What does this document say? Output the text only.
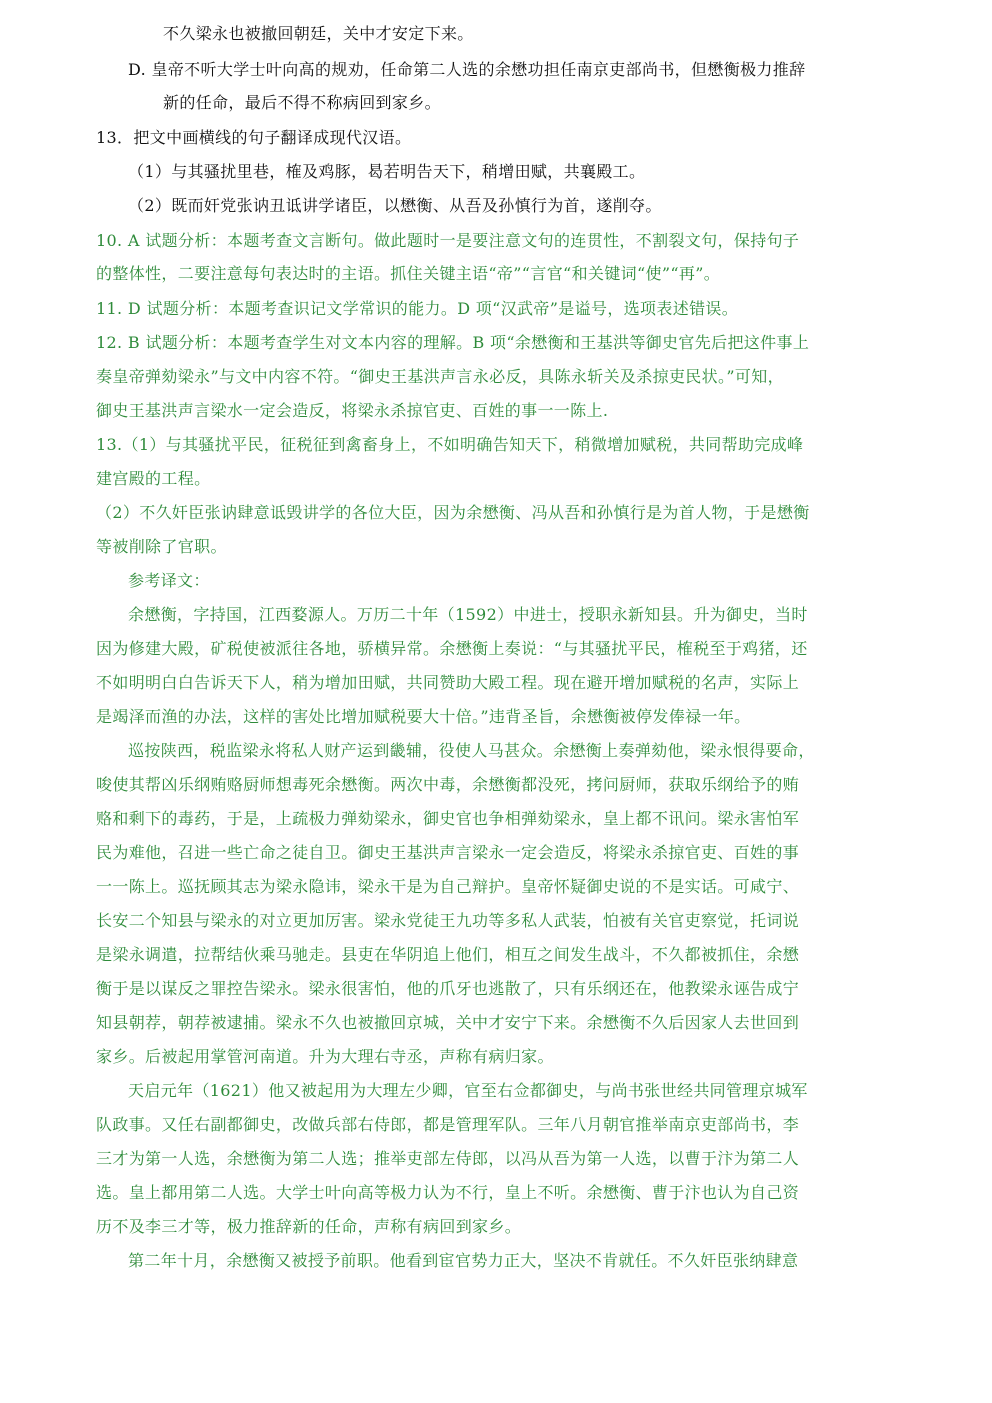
不久梁永也被撤回朝廷，关中才安定下来。
D. 皇帝不听大学士叶向高的规劝，任命第二人选的余懋功担任南京吏部尚书，但懋衡极力推辞
新的任命，最后不得不称病回到家乡。
13．把文中画横线的句子翻译成现代汉语。
（1）与其骚扰里巷，榷及鸡豚，曷若明告天下，稍增田赋，共襄殿工。
（2）既而奸党张讷丑诋讲学诸臣，以懋衡、从吾及孙慎行为首，遂削夺。
10. A 试题分析：本题考查文言断句。做此题时一是要注意文句的连贯性，不割裂文句，保持句子
的整体性，二要注意每句表达时的主语。抓住关键主语“帝”“言官“和关键词“使”“再”。
11. D 试题分析：本题考查识记文学常识的能力。D 项“汉武帝”是谥号，选项表述错误。
12. B 试题分析：本题考查学生对文本内容的理解。B 项“余懋衡和王基洪等御史官先后把这件事上
奏皇帝弹劾梁永”与文中内容不符。“御史王基洪声言永必反，具陈永斩关及杀掠吏民状。”可知，
御史王基洪声言梁水一定会造反，将梁永杀掠官吏、百姓的事一一陈上.
13.（1）与其骚扰平民，征税征到禽畜身上，不如明确告知天下，稍微增加赋税，共同帮助完成峰
建宫殿的工程。
（2）不久奸臣张讷肆意诋毁讲学的各位大臣，因为余懋衡、冯从吾和孙慎行是为首人物，于是懋衡
等被削除了官职。
参考译文：
余懋衡，字持国，江西婺源人。万历二十年（1592）中进士，授职永新知县。升为御史，当时
因为修建大殿，矿税使被派往各地，骄横异常。余懋衡上奏说：“与其骚扰平民，榷税至于鸡猪，还
不如明明白白告诉天下人，稍为增加田赋，共同赞助大殿工程。现在避开增加赋税的名声，实际上
是竭泽而渔的办法，这样的害处比增加赋税要大十倍。”违背圣旨，余懋衡被停发俸禄一年。
巡按陕西，税监梁永将私人财产运到畿辅，役使人马甚众。余懋衡上奏弹劾他，梁永恨得要命，
唆使其帮凶乐纲贿赂厨师想毒死余懋衡。两次中毒，余懋衡都没死，拷问厨师，获取乐纲给予的贿
赂和剩下的毒药，于是，上疏极力弹劾梁永，御史官也争相弹劾梁永，皇上都不讯问。梁永害怕军
民为难他，召进一些亡命之徒自卫。御史王基洪声言梁永一定会造反，将梁永杀掠官吏、百姓的事
一一陈上。巡抚顾其志为梁永隐讳，梁永干是为自己辩护。皇帝怀疑御史说的不是实话。可咸宁、
长安二个知县与梁永的对立更加厉害。梁永党徒王九功等多私人武装，怕被有关官吏察觉，托词说
是梁永调遣，拉帮结伙乘马驰走。县吏在华阴追上他们，相互之间发生战斗，不久都被抓住，余懋
衡于是以谋反之罪控告梁永。梁永很害怕，他的爪牙也逃散了，只有乐纲还在，他教梁永诬告成宁
知县朝荐，朝荐被逮捕。梁永不久也被撤回京城，关中才安宁下来。余懋衡不久后因家人去世回到
家乡。后被起用掌管河南道。升为大理右寺丞，声称有病归家。
天启元年（1621）他又被起用为大理左少卿，官至右佥都御史，与尚书张世经共同管理京城军
队政事。又任右副都御史，改做兵部右侍郎，都是管理军队。三年八月朝官推举南京吏部尚书，李
三才为第一人选，余懋衡为第二人选；推举吏部左侍郎，以冯从吾为第一人选，以曹于汴为第二人
选。皇上都用第二人选。大学士叶向高等极力认为不行，皇上不听。余懋衡、曹于汴也认为自己资
历不及李三才等，极力推辞新的任命，声称有病回到家乡。
第二年十月，余懋衡又被授予前职。他看到宦官势力正大，坚决不肯就任。不久奸臣张纳肆意
